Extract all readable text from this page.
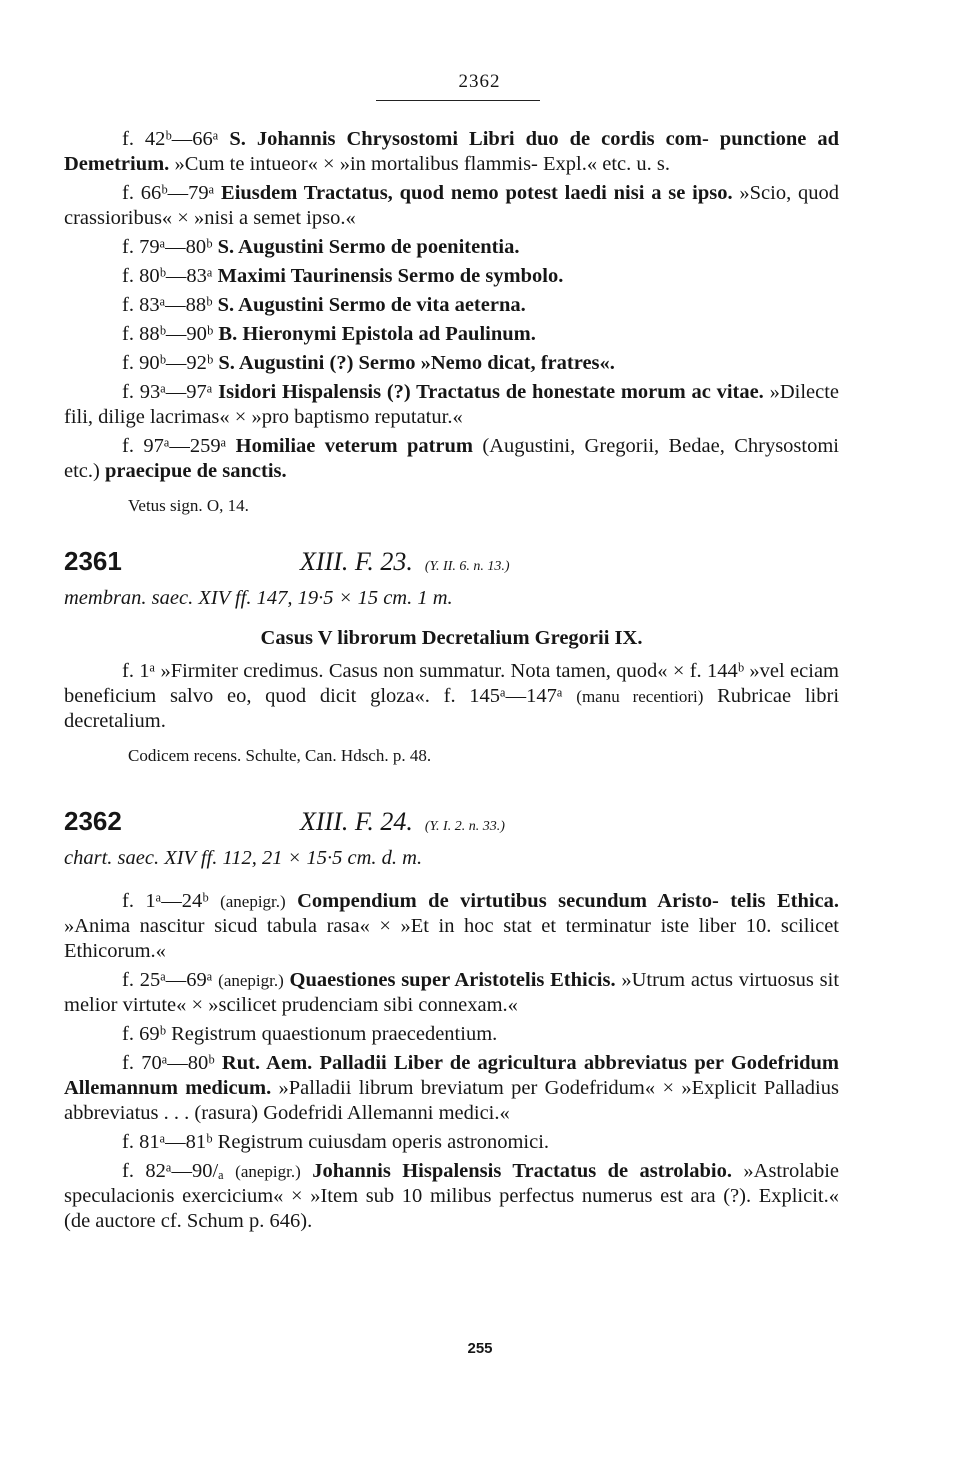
2362

f. 42ᵇ—66ᵃ S. Johannis Chrysostomi Libri duo de cordis com- punctione ad Demetrium. »Cum te intueor« × »in mortalibus flammis- Expl.« etc. u. s.

f. 66ᵇ—79ᵃ Eiusdem Tractatus, quod nemo potest laedi nisi a se ipso. »Scio, quod crassioribus« × »nisi a semet ipso.«

f. 79ᵃ—80ᵇ S. Augustini Sermo de poenitentia.

f. 80ᵇ—83ᵃ Maximi Taurinensis Sermo de symbolo.

f. 83ᵃ—88ᵇ S. Augustini Sermo de vita aeterna.

f. 88ᵇ—90ᵇ B. Hieronymi Epistola ad Paulinum.

f. 90ᵇ—92ᵇ S. Augustini (?) Sermo »Nemo dicat, fratres«.

f. 93ᵃ—97ᵃ Isidori Hispalensis (?) Tractatus de honestate morum ac vitae. »Dilecte fili, dilige lacrimas« × »pro baptismo reputatur.«

f. 97ᵃ—259ᵃ Homiliae veterum patrum (Augustini, Gregorii, Bedae, Chrysostomi etc.) praecipue de sanctis.

Vetus sign. O, 14.
2361	XIII. F. 23. (Y. II. 6. n. 13.)
membran. saec. XIV ff. 147, 19·5 × 15 cm. 1 m.
Casus V librorum Decretalium Gregorii IX.

f. 1ᵃ »Firmiter credimus. Casus non summatur. Nota tamen, quod« × f. 144ᵇ »vel eciam beneficium salvo eo, quod dicit gloza«. f. 145ᵃ—147ᵃ (manu recentiori) Rubricae libri decretalium.

Codicem recens. Schulte, Can. Hdsch. p. 48.
2362	XIII. F. 24. (Y. I. 2. n. 33.)
chart. saec. XIV ff. 112, 21 × 15·5 cm. d. m.

f. 1ᵃ—24ᵇ (anepigr.) Compendium de virtutibus secundum Aristo- telis Ethica. »Anima nascitur sicud tabula rasa« × »Et in hoc stat et terminatur iste liber 10. scilicet Ethicorum.«

f. 25ᵃ—69ᵃ (anepigr.) Quaestiones super Aristotelis Ethicis. »Utrum actus virtuosus sit melior virtute« × »scilicet prudenciam sibi connexam.«

f. 69ᵇ Registrum quaestionum praecedentium.

f. 70ᵃ—80ᵇ Rut. Aem. Palladii Liber de agricultura abbreviatus per Godefridum Allemannum medicum. »Palladii librum breviatum per Godefridum« × »Explicit Palladius abbreviatus . . . (rasura) Godefridi Allemanni medici.«

f. 81ᵃ—81ᵇ Registrum cuiusdam operis astronomici.

f. 82ᵃ—90/ₐ (anepigr.) Johannis Hispalensis Tractatus de astrolabio. »Astrolabie speculacionis exercicium« × »Item sub 10 milibus perfectus numerus est ara (?). Explicit.« (de auctore cf. Schum p. 646).

255
